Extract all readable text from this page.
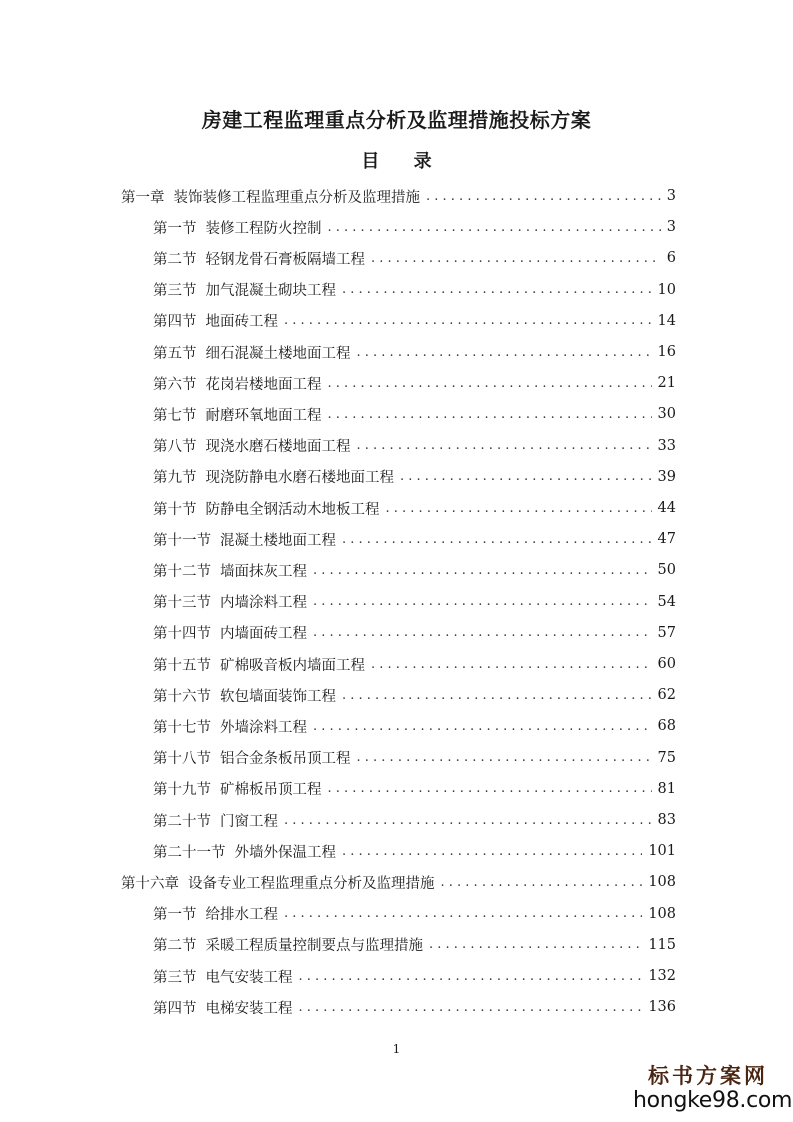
房建工程监理重点分析及监理措施投标方案
目 录
第一章 装饰装修工程监理重点分析及监理措施 . . .	3
第一节 装修工程防火控制 . . .	3
第二节 轻钢龙骨石膏板隔墙工程 . . .	6
第三节 加气混凝土砌块工程 . . .	10
第四节 地面砖工程 . . .	14
第五节 细石混凝土楼地面工程 . . .	16
第六节 花岗岩楼地面工程 . . .	21
第七节 耐磨环氧地面工程 . . .	30
第八节 现浇水磨石楼地面工程 . . .	33
第九节 现浇防静电水磨石楼地面工程 . . .	39
第十节 防静电全钢活动木地板工程 . . .	44
第十一节 混凝土楼地面工程 . . .	47
第十二节 墙面抹灰工程 . . .	50
第十三节 内墙涂料工程 . . .	54
第十四节 内墙面砖工程 . . .	57
第十五节 矿棉吸音板内墙面工程 . . .	60
第十六节 软包墙面装饰工程 . . .	62
第十七节 外墙涂料工程 . . .	68
第十八节 铝合金条板吊顶工程 . . .	75
第十九节 矿棉板吊顶工程 . . .	81
第二十节 门窗工程 . . .	83
第二十一节 外墙外保温工程 . . .	101
第十六章 设备专业工程监理重点分析及监理措施 . . .	108
第一节 给排水工程 . . .	108
第二节 采暖工程质量控制要点与监理措施 . . .	115
第三节 电气安装工程 . . .	132
第四节 电梯安装工程 . . .	136
1
标书方案网
hongke98.com
